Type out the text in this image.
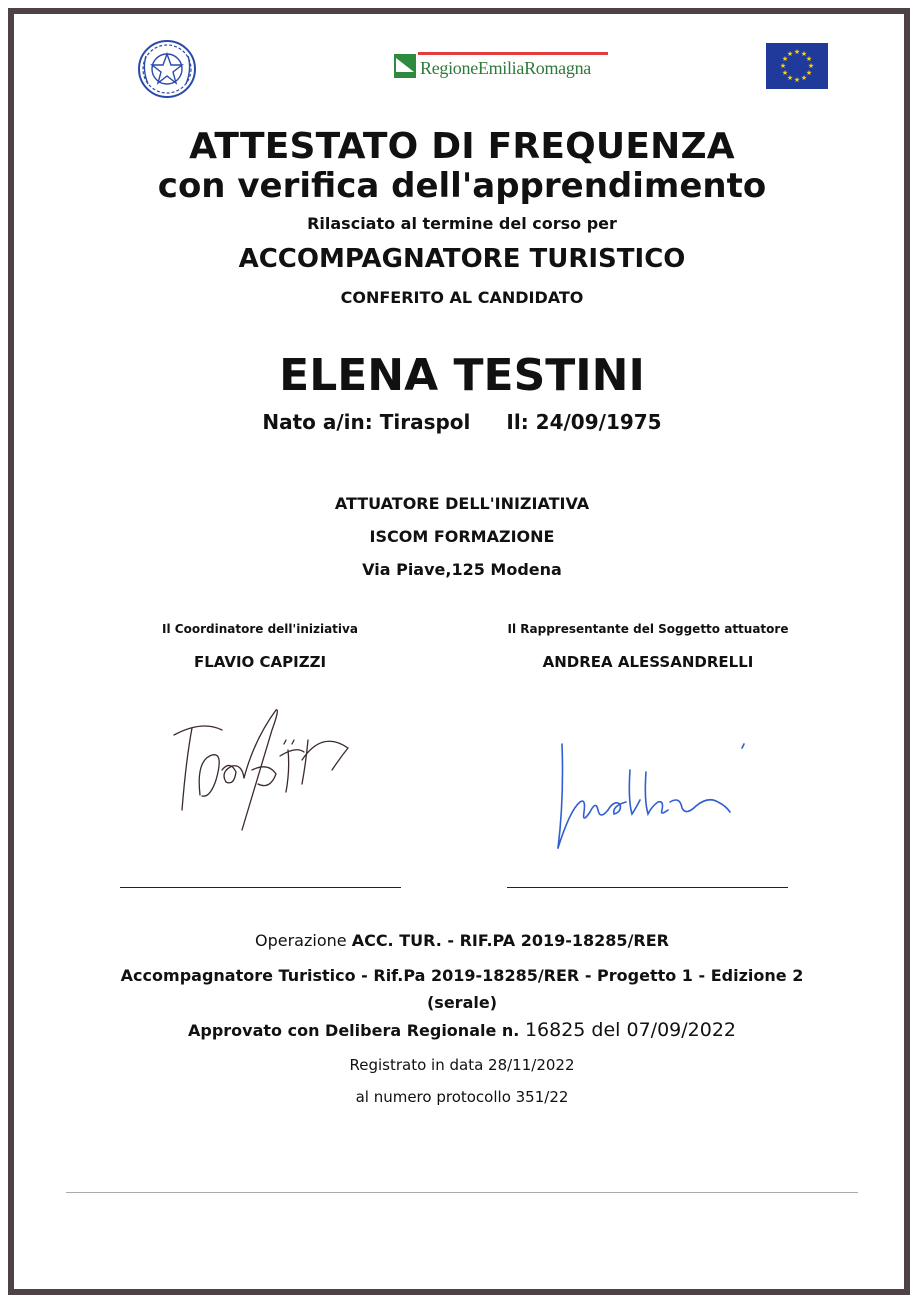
RegioneEmiliaRomagna
★ ★
★
★
★
★
★
★
★
★
★
★
ATTESTATO DI FREQUENZA
con verifica dell'apprendimento
Rilasciato al termine del corso per
ACCOMPAGNATORE TURISTICO
CONFERITO AL CANDIDATO
ELENA TESTINI
Nato a/in: Tiraspol Il: 24/09/1975
ATTUATORE DELL'INIZIATIVA
ISCOM FORMAZIONE
Via Piave,125 Modena
Il Coordinatore dell'iniziativa	Il Rappresentante del Soggetto attuatore
FLAVIO CAPIZZI	ANDREA ALESSANDRELLI
Operazione ACC. TUR. - RIF.PA 2019-18285/RER
Accompagnatore Turistico - Rif.Pa 2019-18285/RER - Progetto 1 - Edizione 2 (serale)
Approvato con Delibera Regionale n. 16825 del 07/09/2022
Registrato in data 28/11/2022
al numero protocollo 351/22
